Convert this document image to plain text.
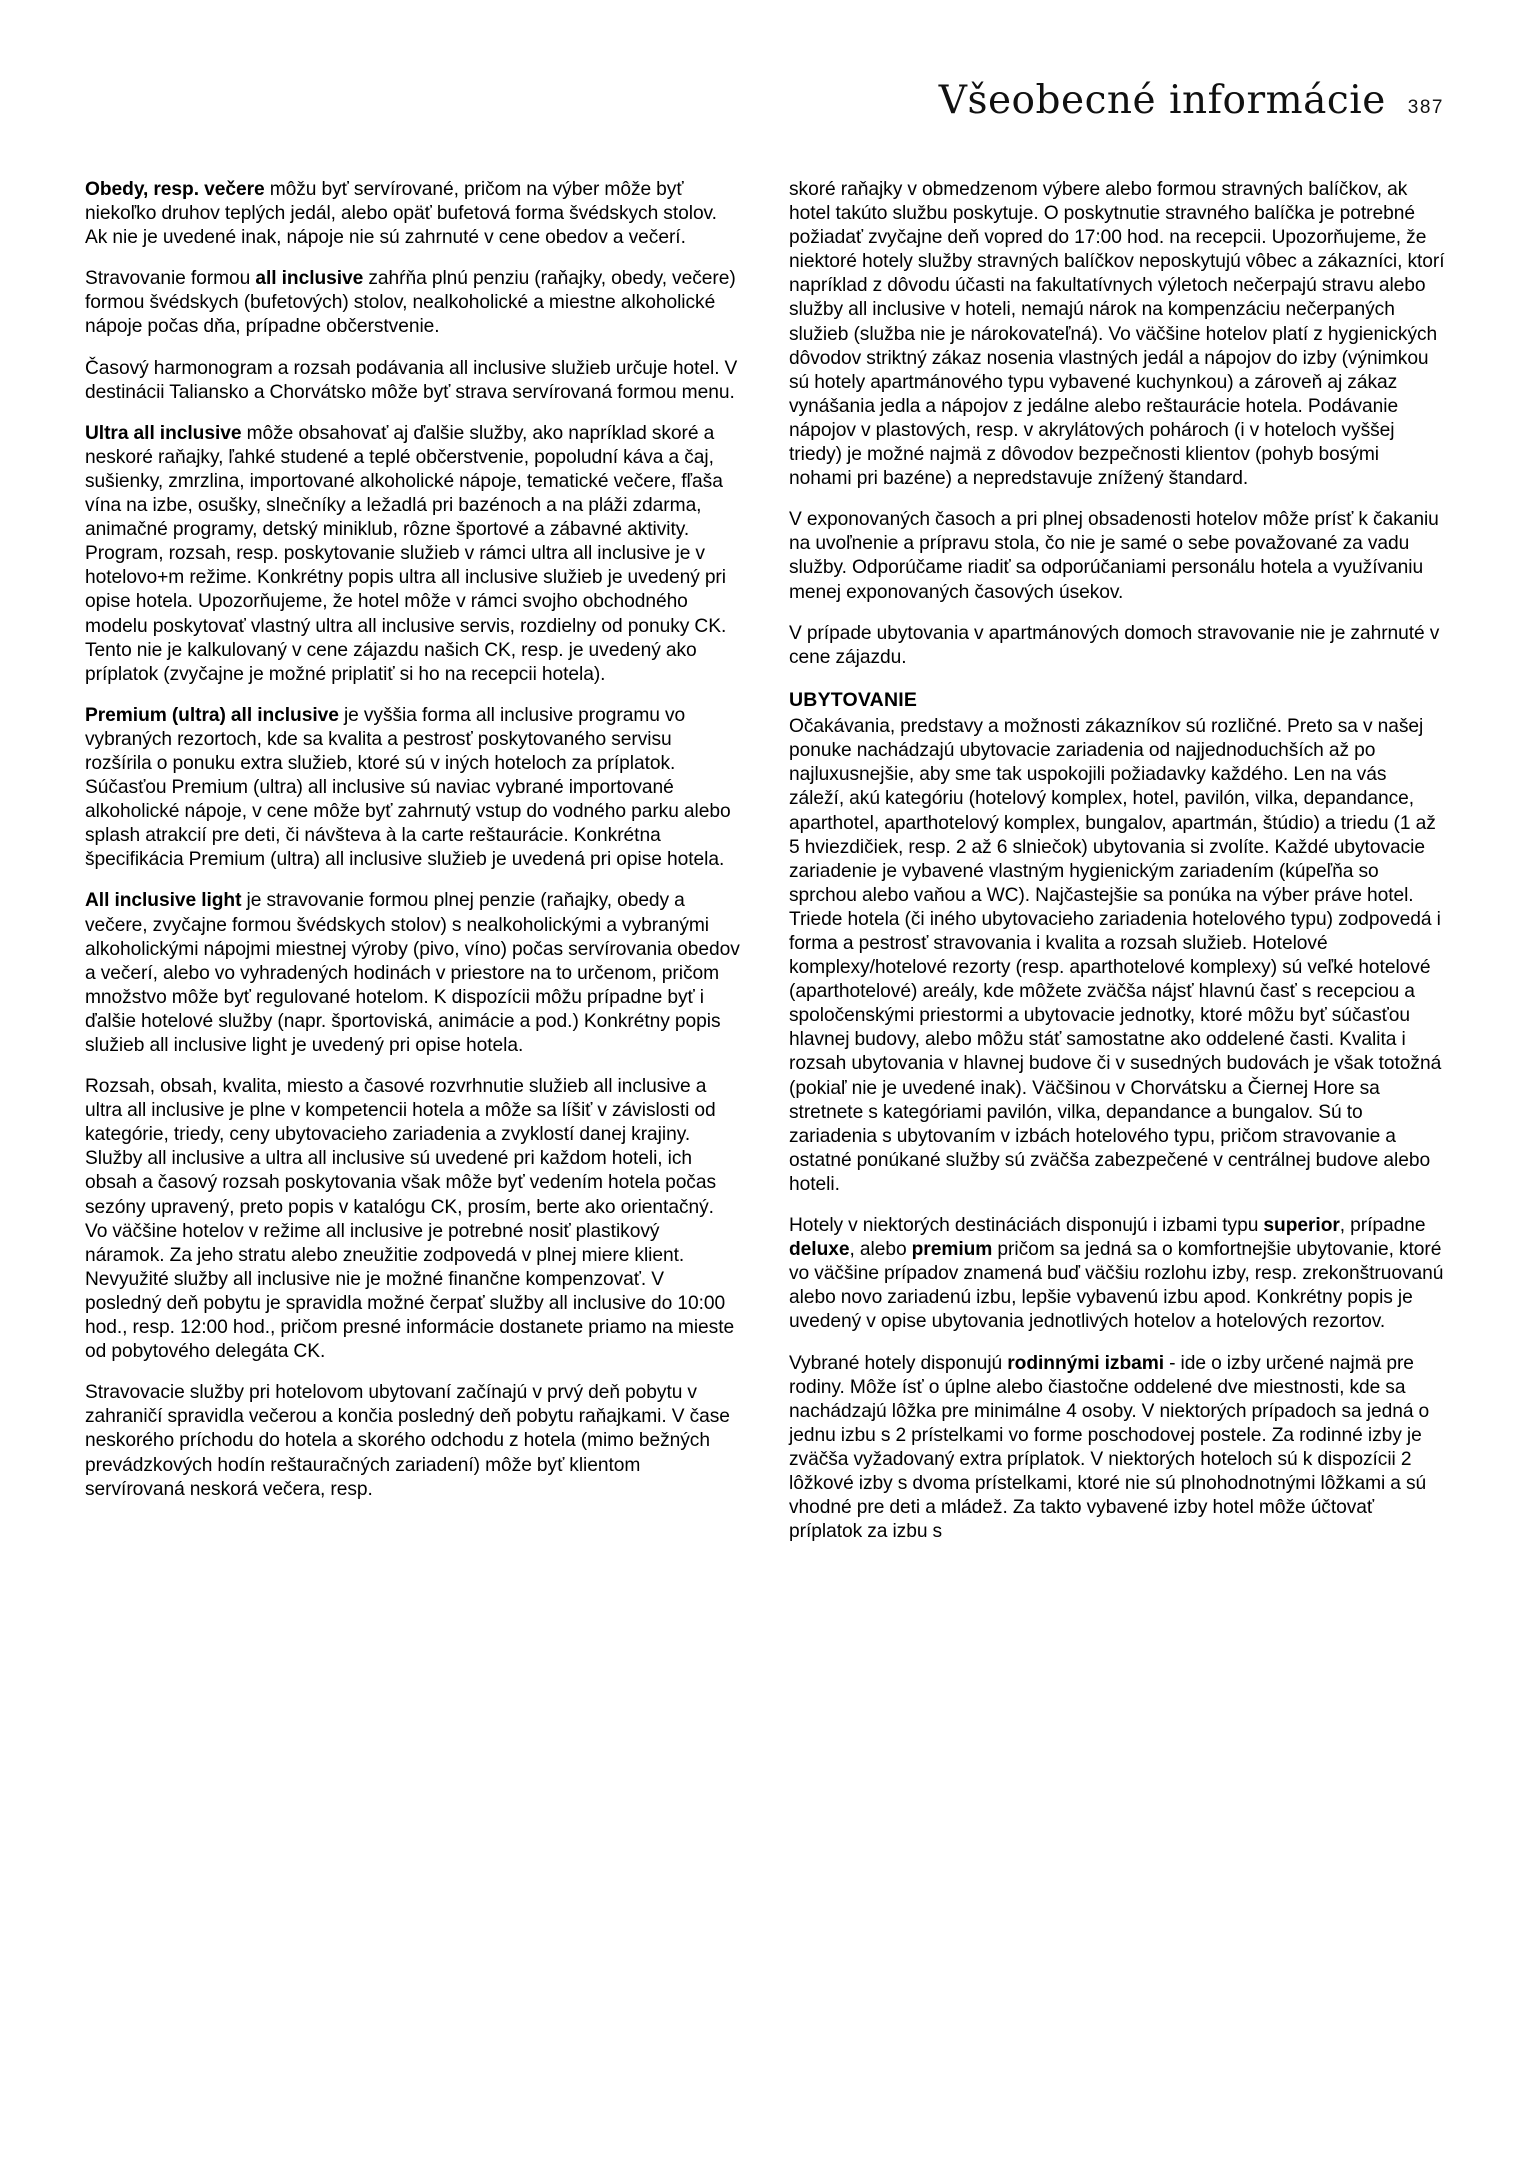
Všeobecné informácie 387

Obedy, resp. večere môžu byť servírované, pričom na výber môže byť niekoľko druhov teplých jedál, alebo opäť bufetová forma švédskych stolov. Ak nie je uvedené inak, nápoje nie sú zahrnuté v cene obedov a večerí.

Stravovanie formou all inclusive zahŕňa plnú penziu (raňajky, obedy, večere) formou švédskych (bufetových) stolov, nealkoholické a miestne alkoholické nápoje počas dňa, prípadne občerstvenie.

Časový harmonogram a rozsah podávania all inclusive služieb určuje hotel. V destinácii Taliansko a Chorvátsko môže byť strava servírovaná formou menu.

Ultra all inclusive môže obsahovať aj ďalšie služby, ako napríklad skoré a neskoré raňajky, ľahké studené a teplé občerstvenie, popoludní káva a čaj, sušienky, zmrzlina, importované alkoholické nápoje, tematické večere, fľaša vína na izbe, osušky, slnečníky a ležadlá pri bazénoch a na pláži zdarma, animačné programy, detský miniklub, rôzne športové a zábavné aktivity. Program, rozsah, resp. poskytovanie služieb v rámci ultra all inclusive je v hotelovo+m režime. Konkrétny popis ultra all inclusive služieb je uvedený pri opise hotela. Upozorňujeme, že hotel môže v rámci svojho obchodného modelu poskytovať vlastný ultra all inclusive servis, rozdielny od ponuky CK. Tento nie je kalkulovaný v cene zájazdu našich CK, resp. je uvedený ako príplatok (zvyčajne je možné priplatiť si ho na recepcii hotela).

Premium (ultra) all inclusive je vyššia forma all inclusive programu vo vybraných rezortoch, kde sa kvalita a pestrosť poskytovaného servisu rozšírila o ponuku extra služieb, ktoré sú v iných hoteloch za príplatok. Súčasťou Premium (ultra) all inclusive sú naviac vybrané importované alkoholické nápoje, v cene môže byť zahrnutý vstup do vodného parku alebo splash atrakcií pre deti, či návšteva à la carte reštaurácie. Konkrétna špecifikácia Premium (ultra) all inclusive služieb je uvedená pri opise hotela.

All inclusive light je stravovanie formou plnej penzie (raňajky, obedy a večere, zvyčajne formou švédskych stolov) s nealkoholickými a vybranými alkoholickými nápojmi miestnej výroby (pivo, víno) počas servírovania obedov a večerí, alebo vo vyhradených hodinách v priestore na to určenom, pričom množstvo môže byť regulované hotelom. K dispozícii môžu prípadne byť i ďalšie hotelové služby (napr. športoviská, animácie a pod.) Konkrétny popis služieb all inclusive light je uvedený pri opise hotela.

Rozsah, obsah, kvalita, miesto a časové rozvrhnutie služieb all inclusive a ultra all inclusive je plne v kompetencii hotela a môže sa líšiť v závislosti od kategórie, triedy, ceny ubytovacieho zariadenia a zvyklostí danej krajiny. Služby all inclusive a ultra all inclusive sú uvedené pri každom hoteli, ich obsah a časový rozsah poskytovania však môže byť vedením hotela počas sezóny upravený, preto popis v katalógu CK, prosím, berte ako orientačný. Vo väčšine hotelov v režime all inclusive je potrebné nosiť plastikový náramok. Za jeho stratu alebo zneužitie zodpovedá v plnej miere klient. Nevyužité služby all inclusive nie je možné finančne kompenzovať. V posledný deň pobytu je spravidla možné čerpať služby all inclusive do 10:00 hod., resp. 12:00 hod., pričom presné informácie dostanete priamo na mieste od pobytového delegáta CK.

Stravovacie služby pri hotelovom ubytovaní začínajú v prvý deň pobytu v zahraničí spravidla večerou a končia posledný deň pobytu raňajkami. V čase neskorého príchodu do hotela a skorého odchodu z hotela (mimo bežných prevádzkových hodín reštauračných zariadení) môže byť klientom servírovaná neskorá večera, resp.

skoré raňajky v obmedzenom výbere alebo formou stravných balíčkov, ak hotel takúto službu poskytuje. O poskytnutie stravného balíčka je potrebné požiadať zvyčajne deň vopred do 17:00 hod. na recepcii. Upozorňujeme, že niektoré hotely služby stravných balíčkov neposkytujú vôbec a zákazníci, ktorí napríklad z dôvodu účasti na fakultatívnych výletoch nečerpajú stravu alebo služby all inclusive v hoteli, nemajú nárok na kompenzáciu nečerpaných služieb (služba nie je nárokovateľná). Vo väčšine hotelov platí z hygienických dôvodov striktný zákaz nosenia vlastných jedál a nápojov do izby (výnimkou sú hotely apartmánového typu vybavené kuchynkou) a zároveň aj zákaz vynášania jedla a nápojov z jedálne alebo reštaurácie hotela. Podávanie nápojov v plastových, resp. v akrylátových pohároch (i v hoteloch vyššej triedy) je možné najmä z dôvodov bezpečnosti klientov (pohyb bosými nohami pri bazéne) a nepredstavuje znížený štandard.

V exponovaných časoch a pri plnej obsadenosti hotelov môže prísť k čakaniu na uvoľnenie a prípravu stola, čo nie je samé o sebe považované za vadu služby. Odporúčame riadiť sa odporúčaniami personálu hotela a využívaniu menej exponovaných časových úsekov.

V prípade ubytovania v apartmánových domoch stravovanie nie je zahrnuté v cene zájazdu.

UBYTOVANIE

Očakávania, predstavy a možnosti zákazníkov sú rozličné. Preto sa v našej ponuke nachádzajú ubytovacie zariadenia od najjednoduchších až po najluxusnejšie, aby sme tak uspokojili požiadavky každého. Len na vás záleží, akú kategóriu (hotelový komplex, hotel, pavilón, vilka, depandance, aparthotel, aparthotelový komplex, bungalov, apartmán, štúdio) a triedu (1 až 5 hviezdičiek, resp. 2 až 6 slniečok) ubytovania si zvolíte. Každé ubytovacie zariadenie je vybavené vlastným hygienickým zariadením (kúpeľňa so sprchou alebo vaňou a WC). Najčastejšie sa ponúka na výber práve hotel. Triede hotela (či iného ubytovacieho zariadenia hotelového typu) zodpovedá i forma a pestrosť stravovania i kvalita a rozsah služieb. Hotelové komplexy/hotelové rezorty (resp. aparthotelové komplexy) sú veľké hotelové (aparthotelové) areály, kde môžete zväčša nájsť hlavnú časť s recepciou a spoločenskými priestormi a ubytovacie jednotky, ktoré môžu byť súčasťou hlavnej budovy, alebo môžu stáť samostatne ako oddelené časti. Kvalita i rozsah ubytovania v hlavnej budove či v susedných budovách je však totožná (pokiaľ nie je uvedené inak). Väčšinou v Chorvátsku a Čiernej Hore sa stretnete s kategóriami pavilón, vilka, depandance a bungalov. Sú to zariadenia s ubytovaním v izbách hotelového typu, pričom stravovanie a ostatné ponúkané služby sú zväčša zabezpečené v centrálnej budove alebo hoteli.

Hotely v niektorých destináciách disponujú i izbami typu superior, prípadne deluxe, alebo premium pričom sa jedná sa o komfortnejšie ubytovanie, ktoré vo väčšine prípadov znamená buď väčšiu rozlohu izby, resp. zrekonštruovanú alebo novo zariadenú izbu, lepšie vybavenú izbu apod. Konkrétny popis je uvedený v opise ubytovania jednotlivých hotelov a hotelových rezortov.

Vybrané hotely disponujú rodinnými izbami - ide o izby určené najmä pre rodiny. Môže ísť o úplne alebo čiastočne oddelené dve miestnosti, kde sa nachádzajú lôžka pre minimálne 4 osoby. V niektorých prípadoch sa jedná o jednu izbu s 2 prístelkami vo forme poschodovej postele. Za rodinné izby je zväčša vyžadovaný extra príplatok. V niektorých hoteloch sú k dispozícii 2 lôžkové izby s dvoma prístelkami, ktoré nie sú plnohodnotnými lôžkami a sú vhodné pre deti a mládež. Za takto vybavené izby hotel môže účtovať príplatok za izbu s
